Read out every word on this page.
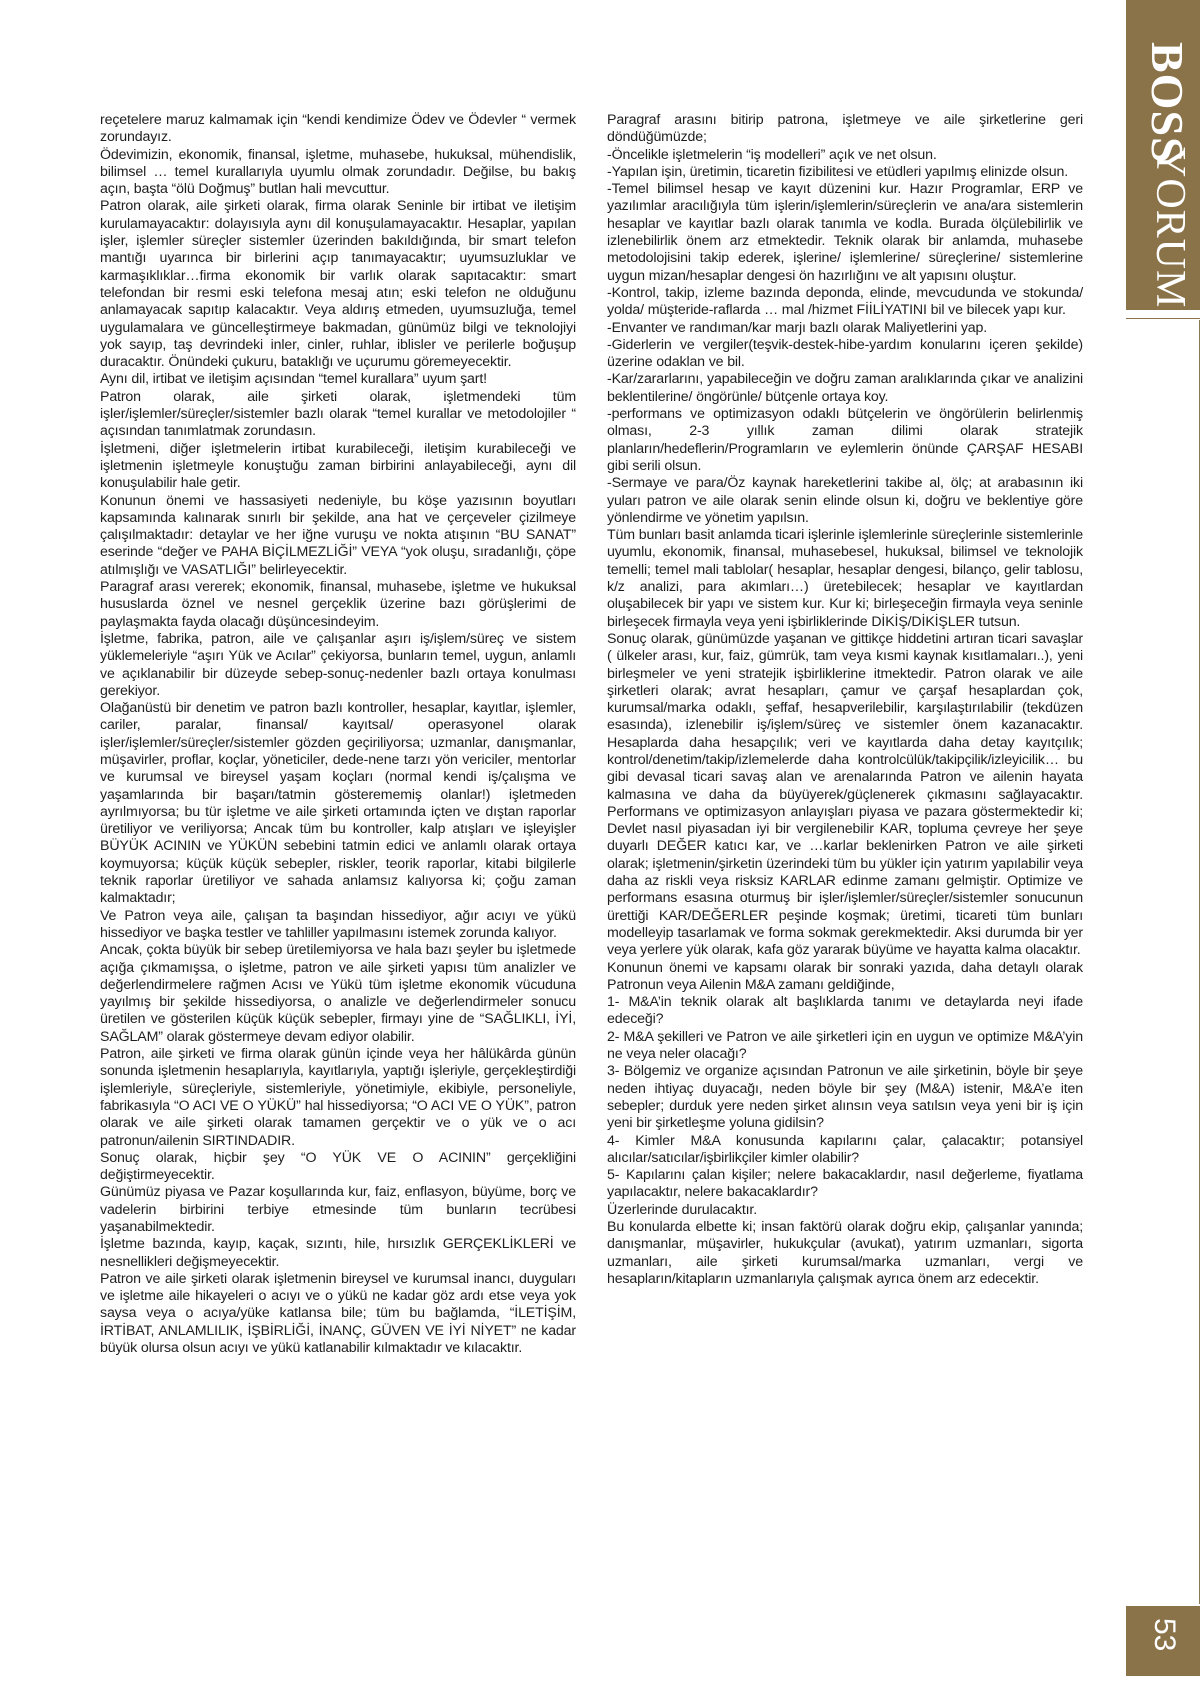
reçetelere maruz kalmamak için “kendi kendimize Ödev ve Ödevler “ vermek zorundayız.

Ödevimizin, ekonomik, finansal, işletme, muhasebe, hukuksal, mühendislik, bilimsel … temel kurallarıyla uyumlu olmak zorundadır. Değilse, bu bakış açın, başta “ölü Doğmuş” butlan hali mevcuttur.

Patron olarak, aile şirketi olarak, firma olarak Seninle bir irtibat ve iletişim kurulamayacaktır: dolayısıyla aynı dil konuşulamayacaktır. Hesaplar, yapılan işler, işlemler süreçler sistemler üzerinden bakıldığında, bir smart telefon mantığı uyarınca bir birlerini açıp tanımayacaktır; uyumsuzluklar ve karmaşıklıklar…firma ekonomik bir varlık olarak sapıtacaktır: smart telefondan bir resmi eski telefona mesaj atın; eski telefon ne olduğunu anlamayacak sapıtıp kalacaktır. Veya aldırış etmeden, uyumsuzluğa, temel uygulamalara ve güncelleştirmeye bakmadan, günümüz bilgi ve teknolojiyi yok sayıp, taş devrindeki inler, cinler, ruhlar, iblisler ve perilerle boğuşup duracaktır. Önündeki çukuru, bataklığı ve uçurumu göremeyecektir.

Aynı dil, irtibat ve iletişim açısından “temel kurallara” uyum şart!

Patron olarak, aile şirketi olarak, işletmendeki tüm işler/işlemler/süreçler/sistemler bazlı olarak “temel kurallar ve metodolojiler “ açısından tanımlatmak zorundasın.

İşletmeni, diğer işletmelerin irtibat kurabileceği, iletişim kurabileceği ve işletmenin işletmeyle konuştuğu zaman birbirini anlayabileceği, aynı dil konuşulabilir hale getir.

Konunun önemi ve hassasiyeti nedeniyle, bu köşe yazısının boyutları kapsamında kalınarak sınırlı bir şekilde, ana hat ve çerçeveler çizilmeye çalışılmaktadır: detaylar ve her iğne vuruşu ve nokta atışının “BU SANAT” eserinde “değer ve PAHA BİÇİLMEZLİĞİ” VEYA “yok oluşu, sıradanlığı, çöpe atılmışlığı ve VASATLIĞI” belirleyecektir.

Paragraf arası vererek; ekonomik, finansal, muhasebe, işletme ve hukuksal hususlarda öznel ve nesnel gerçeklik üzerine bazı görüşlerimi de paylaşmakta fayda olacağı düşüncesindeyim.

İşletme, fabrika, patron, aile ve çalışanlar aşırı iş/işlem/süreç ve sistem yüklemeleriyle “aşırı Yük ve Acılar” çekiyorsa, bunların temel, uygun, anlamlı ve açıklanabilir bir düzeyde sebep-sonuç-nedenler bazlı ortaya konulması gerekiyor.

Olağanüstü bir denetim ve patron bazlı kontroller, hesaplar, kayıtlar, işlemler, cariler, paralar, finansal/ kayıtsal/ operasyonel olarak işler/işlemler/süreçler/sistemler gözden geçiriliyorsa; uzmanlar, danışmanlar, müşavirler, proflar, koçlar, yöneticiler, dede-nene tarzı yön vericiler, mentorlar ve kurumsal ve bireysel yaşam koçları (normal kendi iş/çalışma ve yaşamlarında bir başarı/tatmin gösterememiş olanlar!) işletmeden ayrılmıyorsa; bu tür işletme ve aile şirketi ortamında içten ve dıştan raporlar üretiliyor ve veriliyorsa; Ancak tüm bu kontroller, kalp atışları ve işleyişler BÜYÜK ACININ ve YÜKÜN sebebini tatmin edici ve anlamlı olarak ortaya koymuyorsa; küçük küçük sebepler, riskler, teorik raporlar, kitabi bilgilerle teknik raporlar üretiliyor ve sahada anlamsız kalıyorsa ki; çoğu zaman kalmaktadır;

Ve Patron veya aile, çalışan ta başından hissediyor, ağır acıyı ve yükü hissediyor ve başka testler ve tahliller yapılmasını istemek zorunda kalıyor.

Ancak, çokta büyük bir sebep üretilemiyorsa ve hala bazı şeyler bu işletmede açığa çıkmamışsa, o işletme, patron ve aile şirketi yapısı tüm analizler ve değerlendirmelere rağmen Acısı ve Yükü tüm işletme ekonomik vücuduna yayılmış bir şekilde hissediyorsa, o analizle ve değerlendirmeler sonucu üretilen ve gösterilen küçük küçük sebepler, firmayı yine de “SAĞLIKLI, İYİ, SAĞLAM” olarak göstermeye devam ediyor olabilir.

Patron, aile şirketi ve firma olarak günün içinde veya her hâlükârda günün sonunda işletmenin hesaplarıyla, kayıtlarıyla, yaptığı işleriyle, gerçekleştirdiği işlemleriyle, süreçleriyle, sistemleriyle, yönetimiyle, ekibiyle, personeliyle, fabrikasıyla “O ACI VE O YÜKÜ” hal hissediyorsa; “O ACI VE O YÜK”, patron olarak ve aile şirketi olarak tamamen gerçektir ve o yük ve o acı patronun/ailenin SIRTINDADIR.

Sonuç olarak, hiçbir şey “O YÜK VE O ACININ” gerçekliğini değiştirmeyecektir.

Günümüz piyasa ve Pazar koşullarında kur, faiz, enflasyon, büyüme, borç ve vadelerin birbirini terbiye etmesinde tüm bunların tecrübesi yaşanabilmektedir.

İşletme bazında, kayıp, kaçak, sızıntı, hile, hırsızlık GERÇEKLİKLERİ ve nesnellikleri değişmeyecektir.

Patron ve aile şirketi olarak işletmenin bireysel ve kurumsal inancı, duyguları ve işletme aile hikayeleri o acıyı ve o yükü ne kadar göz ardı etse veya yok saysa veya o acıya/yüke katlansa bile; tüm bu bağlamda, “İLETİŞİM, İRTİBAT, ANLAMLILIK, İŞBİRLİĞİ, İNANÇ, GÜVEN VE İYİ NİYET” ne kadar büyük olursa olsun acıyı ve yükü katlanabilir kılmaktadır ve kılacaktır.

Paragraf arasını bitirip patrona, işletmeye ve aile şirketlerine geri döndüğümüzde;

-Öncelikle işletmelerin “iş modelleri” açık ve net olsun.

-Yapılan işin, üretimin, ticaretin fizibilitesi ve etüdleri yapılmış elinizde olsun.

-Temel bilimsel hesap ve kayıt düzenini kur. Hazır Programlar, ERP ve yazılımlar aracılığıyla tüm işlerin/işlemlerin/süreçlerin ve ana/ara sistemlerin hesaplar ve kayıtlar bazlı olarak tanımla ve kodla. Burada ölçülebilirlik ve izlenebilirlik önem arz etmektedir. Teknik olarak bir anlamda, muhasebe metodolojisini takip ederek, işlerine/ işlemlerine/ süreçlerine/ sistemlerine uygun mizan/hesaplar dengesi ön hazırlığını ve alt yapısını oluştur.

-Kontrol, takip, izleme bazında deponda, elinde, mevcudunda ve stokunda/ yolda/ müşteride-raflarda … mal /hizmet FİİLİYATINI bil ve bilecek yapı kur.

-Envanter ve randıman/kar marjı bazlı olarak Maliyetlerini yap.

-Giderlerin ve vergiler(teşvik-destek-hibe-yardım konularını içeren şekilde) üzerine odaklan ve bil.

-Kar/zararlarını, yapabileceğin ve doğru zaman aralıklarında çıkar ve analizini beklentilerine/ öngörünle/ bütçenle ortaya koy.

-performans ve optimizasyon odaklı bütçelerin ve öngörülerin belirlenmiş olması, 2-3 yıllık zaman dilimi olarak stratejik planların/hedeflerin/Programların ve eylemlerin önünde ÇARŞAF HESABI gibi serili olsun.

-Sermaye ve para/Öz kaynak hareketlerini takibe al, ölç; at arabasının iki yuları patron ve aile olarak senin elinde olsun ki, doğru ve beklentiye göre yönlendirme ve yönetim yapılsın.

Tüm bunları basit anlamda ticari işlerinle işlemlerinle süreçlerinle sistemlerinle uyumlu, ekonomik, finansal, muhasebesel, hukuksal, bilimsel ve teknolojik temelli; temel mali tablolar( hesaplar, hesaplar dengesi, bilanço, gelir tablosu, k/z analizi, para akımları…) üretebilecek; hesaplar ve kayıtlardan oluşabilecek bir yapı ve sistem kur. Kur ki; birleşeceğin firmayla veya seninle birleşecek firmayla veya yeni işbirliklerinde DİKİŞ/DİKİŞLER tutsun.

Sonuç olarak, günümüzde yaşanan ve gittikçe hiddetini artıran ticari savaşlar ( ülkeler arası, kur, faiz, gümrük, tam veya kısmi kaynak kısıtlamaları..), yeni birleşmeler ve yeni stratejik işbirliklerine itmektedir. Patron olarak ve aile şirketleri olarak; avrat hesapları, çamur ve çarşaf hesaplardan çok, kurumsal/marka odaklı, şeffaf, hesapverilebilir, karşılaştırılabilir (tekdüzen esasında), izlenebilir iş/işlem/süreç ve sistemler önem kazanacaktır. Hesaplarda daha hesapçılık; veri ve kayıtlarda daha detay kayıtçılık; kontrol/denetim/takip/izlemelerde daha kontrolcülük/takipçilik/izleyicilik… bu gibi devasal ticari savaş alan ve arenalarında Patron ve ailenin hayata kalmasına ve daha da büyüyerek/güçlenerek çıkmasını sağlayacaktır. Performans ve optimizasyon anlayışları piyasa ve pazara göstermektedir ki; Devlet nasıl piyasadan iyi bir vergilenebilir KAR, topluma çevreye her şeye duyarlı DEĞER katıcı kar, ve …karlar beklenirken Patron ve aile şirketi olarak; işletmenin/şirketin üzerindeki tüm bu yükler için yatırım yapılabilir veya daha az riskli veya risksiz KARLAR edinme zamanı gelmiştir. Optimize ve performans esasına oturmuş bir işler/işlemler/süreçler/sistemler sonucunun ürettiği KAR/DEĞERLER peşinde koşmak; üretimi, ticareti tüm bunları modelleyip tasarlamak ve forma sokmak gerekmektedir. Aksi durumda bir yer veya yerlere yük olarak, kafa göz yararak büyüme ve hayatta kalma olacaktır.

Konunun önemi ve kapsamı olarak bir sonraki yazıda, daha detaylı olarak Patronun veya Ailenin M&A zamanı geldiğinde,

1- M&A’in teknik olarak alt başlıklarda tanımı ve detaylarda neyi ifade edeceği?

2- M&A şekilleri ve Patron ve aile şirketleri için en uygun ve optimize M&A’yin ne veya neler olacağı?

3- Bölgemiz ve organize açısından Patronun ve aile şirketinin, böyle bir şeye neden ihtiyaç duyacağı, neden böyle bir şey (M&A) istenir, M&A’e iten sebepler; durduk yere neden şirket alınsın veya satılsın veya yeni bir iş için yeni bir şirketleşme yoluna gidilsin?

4- Kimler M&A konusunda kapılarını çalar, çalacaktır; potansiyel alıcılar/satıcılar/işbirlikçiler kimler olabilir?

5- Kapılarını çalan kişiler; nelere bakacaklardır, nasıl değerleme, fiyatlama yapılacaktır, nelere bakacaklardır?

Üzerlerinde durulacaktır.

Bu konularda elbette ki; insan faktörü olarak doğru ekip, çalışanlar yanında; danışmanlar, müşavirler, hukukçular (avukat), yatırım uzmanları, sigorta uzmanları, aile şirketi kurumsal/marka uzmanları, vergi ve hesapların/kitapların uzmanlarıyla çalışmak ayrıca önem arz edecektir.

BOSS
YORUM
53
